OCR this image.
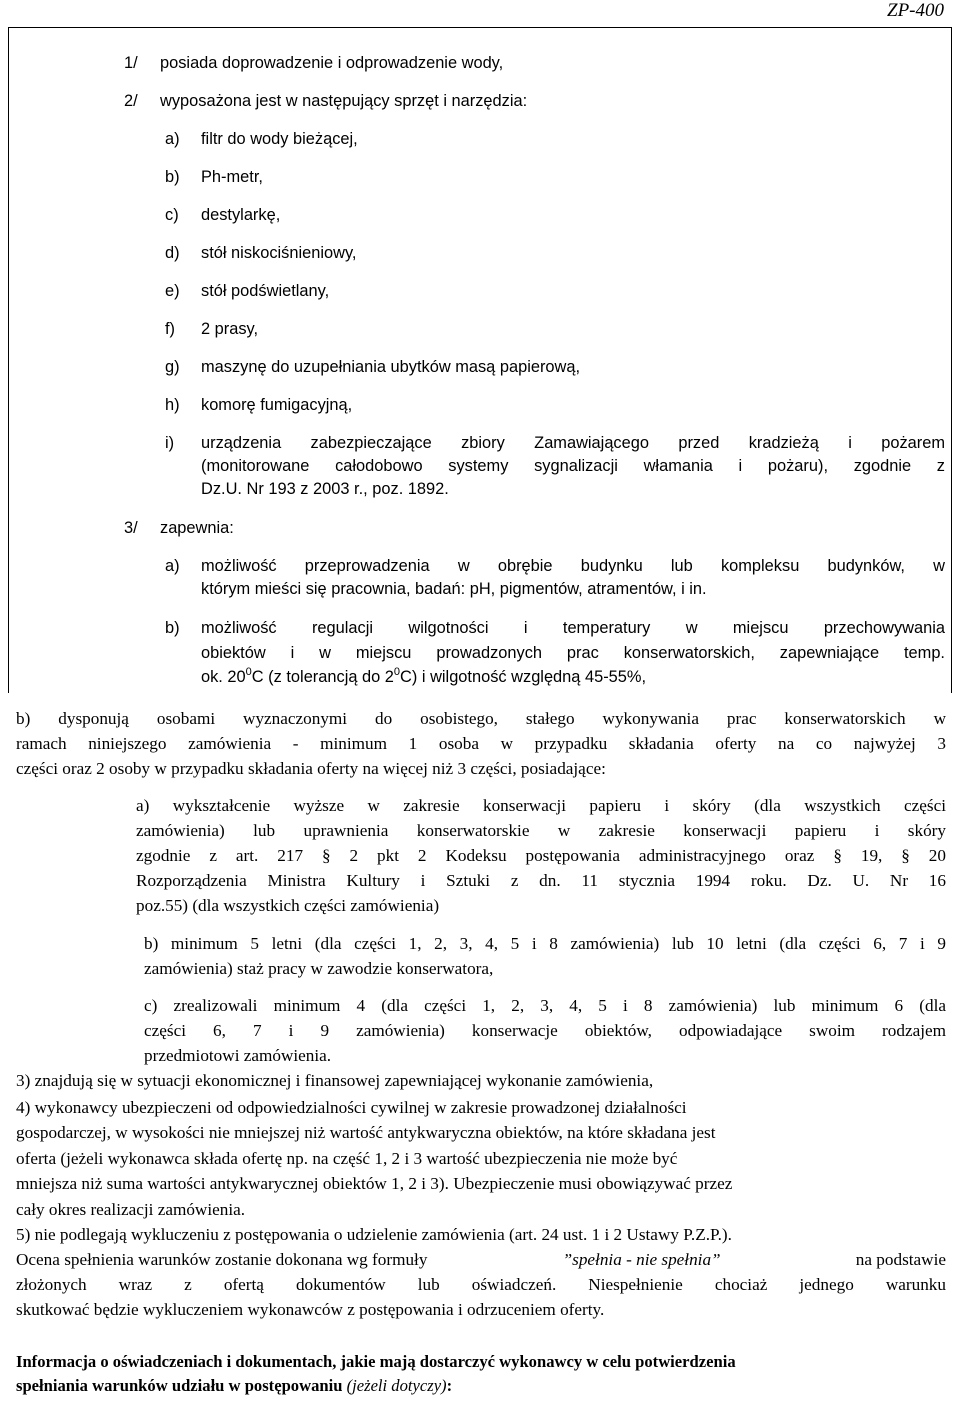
ZP-400
1/ posiada doprowadzenie i odprowadzenie wody,
2/ wyposażona jest w następujący sprzęt i narzędzia:
a) filtr do wody bieżącej,
b) Ph-metr,
c) destylarkę,
d) stół niskociśnieniowy,
e) stół podświetlany,
f) 2 prasy,
g) maszynę do uzupełniania ubytków masą papierową,
h) komorę fumigacyjną,
i) urządzenia zabezpieczające zbiory Zamawiającego przed kradzieżą i pożarem
(monitorowane całodobowo systemy sygnalizacji włamania i pożaru), zgodnie z
Dz.U. Nr 193 z 2003 r., poz. 1892.
3/ zapewnia:
a) możliwość przeprowadzenia w obrębie budynku lub kompleksu budynków, w
którym mieści się pracownia, badań: pH, pigmentów, atramentów, i in.
b) możliwość regulacji wilgotności i temperatury w miejscu przechowywania
obiektów i w miejscu prowadzonych prac konserwatorskich, zapewniające temp.
ok. $20^0C$ (z tolerancją do $2^0C$) i wilgotność względną 45-55%,
b) dysponują osobami wyznaczonymi do osobistego, stałego wykonywania prac konserwatorskich w
ramach niniejszego zamówienia - minimum 1 osoba w przypadku składania oferty na co najwyżej 3
części oraz 2 osoby w przypadku składania oferty na więcej niż 3 części, posiadające:
a) wykształcenie wyższe w zakresie konserwacji papieru i skóry (dla wszystkich części
zamówienia) lub uprawnienia konserwatorskie w zakresie konserwacji papieru i skóry
zgodnie z art. 217 § 2 pkt 2 Kodeksu postępowania administracyjnego oraz § 19, § 20
Rozporządzenia Ministra Kultury i Sztuki z dn. 11 stycznia 1994 roku. Dz. U. Nr 16
poz.55) (dla wszystkich części zamówienia)
b) minimum 5 letni (dla części 1, 2, 3, 4, 5 i 8 zamówienia) lub 10 letni (dla części 6, 7 i 9
zamówienia) staż pracy w zawodzie konserwatora,
c) zrealizowali minimum 4 (dla części 1, 2, 3, 4, 5 i 8 zamówienia) lub minimum 6 (dla
części 6, 7 i 9 zamówienia) konserwacje obiektów, odpowiadające swoim rodzajem
przedmiotowi zamówienia.
3) znajdują się w sytuacji ekonomicznej i finansowej zapewniającej wykonanie zamówienia,
4) wykonawcy ubezpieczeni od odpowiedzialności cywilnej w zakresie prowadzonej działalności
gospodarczej, w wysokości nie mniejszej niż wartość antykwaryczna obiektów, na które składana jest
oferta (jeżeli wykonawca składa ofertę np. na część 1, 2 i 3 wartość ubezpieczenia nie może być
mniejsza niż suma wartości antykwarycznej obiektów 1, 2 i 3). Ubezpieczenie musi obowiązywać przez
cały okres realizacji zamówienia.
5) nie podlegają wykluczeniu z postępowania o udzielenie zamówienia (art. 24 ust. 1 i 2 Ustawy P.Z.P.).
Ocena spełnienia warunków zostanie dokonana wg formuły	”spełnia - nie spełnia”	na podstawie
złożonych wraz z ofertą dokumentów lub oświadczeń. Niespełnienie chociaż jednego warunku
skutkować będzie wykluczeniem wykonawców z postępowania i odrzuceniem oferty.
Informacja o oświadczeniach i dokumentach, jakie mają dostarczyć wykonawcy w celu potwierdzenia
spełniania warunków udziału w postępowaniu (jeżeli dotyczy):
